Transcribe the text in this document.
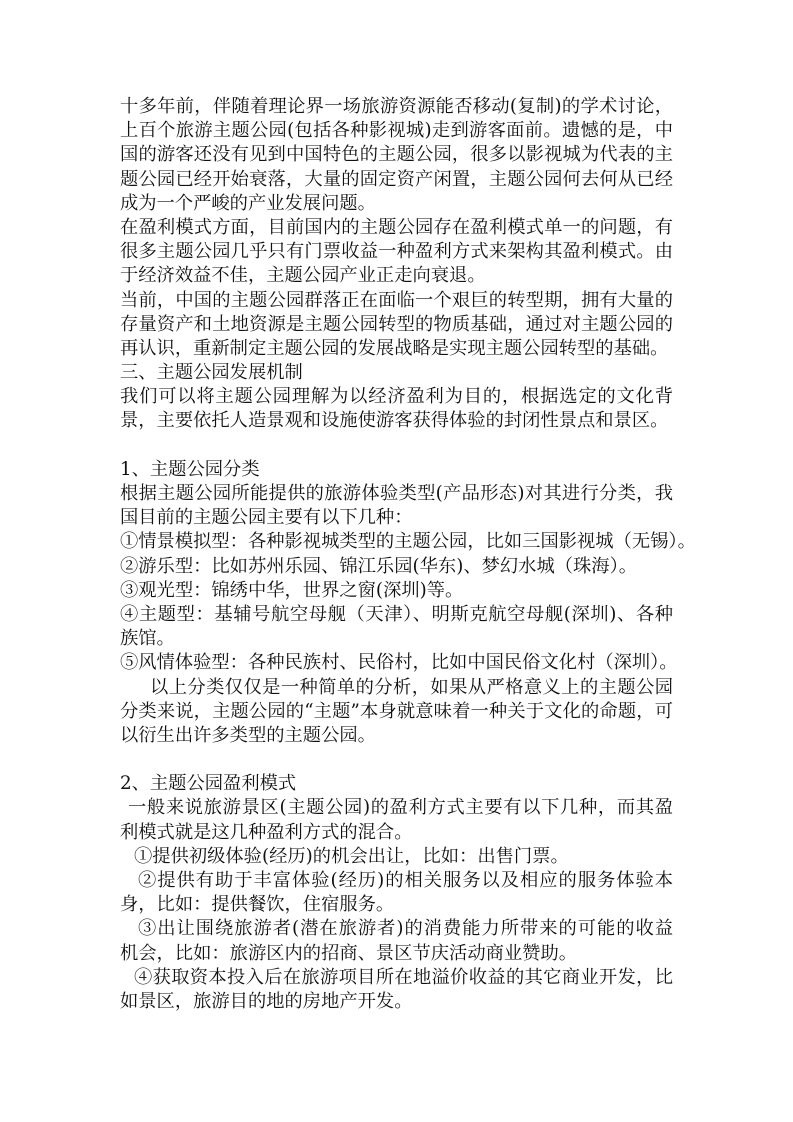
十多年前，伴随着理论界一场旅游资源能否移动(复制)的学术讨论，
上百个旅游主题公园(包括各种影视城)走到游客面前。遗憾的是，中
国的游客还没有见到中国特色的主题公园，很多以影视城为代表的主
题公园已经开始衰落，大量的固定资产闲置，主题公园何去何从已经
成为一个严峻的产业发展问题。
在盈利模式方面，目前国内的主题公园存在盈利模式单一的问题，有
很多主题公园几乎只有门票收益一种盈利方式来架构其盈利模式。由
于经济效益不佳，主题公园产业正走向衰退。
当前，中国的主题公园群落正在面临一个艰巨的转型期，拥有大量的
存量资产和土地资源是主题公园转型的物质基础，通过对主题公园的
再认识，重新制定主题公园的发展战略是实现主题公园转型的基础。
三、主题公园发展机制
我们可以将主题公园理解为以经济盈利为目的，根据选定的文化背
景，主要依托人造景观和设施使游客获得体验的封闭性景点和景区。
1、主题公园分类
根据主题公园所能提供的旅游体验类型(产品形态)对其进行分类，我
国目前的主题公园主要有以下几种：
①情景模拟型：各种影视城类型的主题公园，比如三国影视城（无锡）。
②游乐型：比如苏州乐园、锦江乐园(华东)、梦幻水城（珠海）。
③观光型：锦绣中华，世界之窗(深圳)等。
④主题型：基辅号航空母舰（天津）、明斯克航空母舰(深圳)、各种
族馆。
⑤风情体验型：各种民族村、民俗村，比如中国民俗文化村（深圳）。
以上分类仅仅是一种简单的分析，如果从严格意义上的主题公园
分类来说，主题公园的“主题”本身就意味着一种关于文化的命题，可
以衍生出许多类型的主题公园。
2、主题公园盈利模式
一般来说旅游景区(主题公园)的盈利方式主要有以下几种，而其盈
利模式就是这几种盈利方式的混合。
①提供初级体验(经历)的机会出让，比如：出售门票。
②提供有助于丰富体验(经历)的相关服务以及相应的服务体验本
身，比如：提供餐饮，住宿服务。
③出让围绕旅游者(潜在旅游者)的消费能力所带来的可能的收益
机会，比如：旅游区内的招商、景区节庆活动商业赞助。
④获取资本投入后在旅游项目所在地溢价收益的其它商业开发，比
如景区，旅游目的地的房地产开发。
